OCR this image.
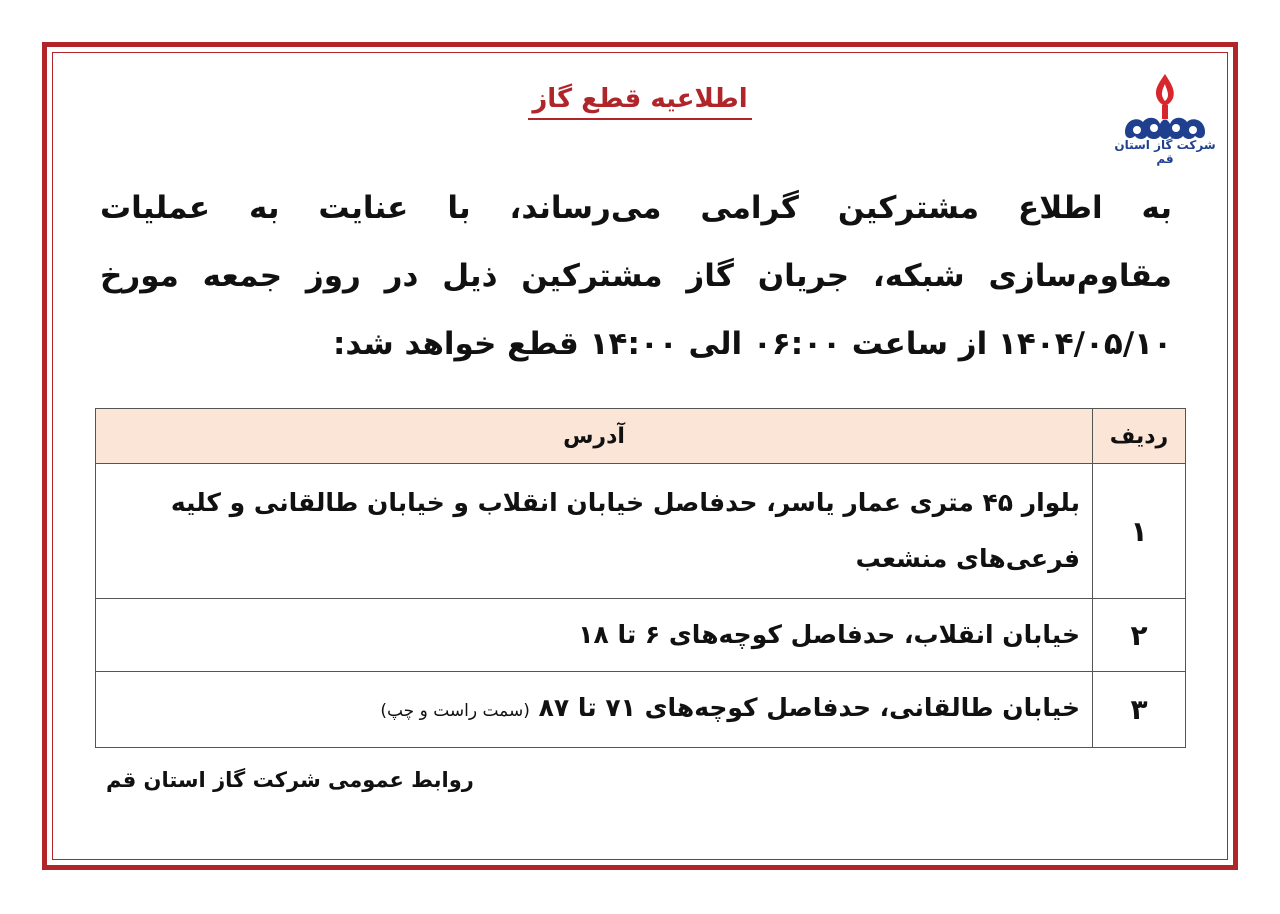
شرکت گاز استان قم
اطلاعیه قطع گاز
به اطلاع مشترکین گرامی می‌رساند، با عنایت به عملیات
مقاوم‌سازی شبکه، جریان گاز مشترکین ذیل در روز جمعه مورخ
۱۴۰۴/۰۵/۱۰ از ساعت ۰۶:۰۰ الی ۱۴:۰۰ قطع خواهد شد:
ردیف	آدرس
۱	بلوار ۴۵ متری عمار یاسر، حدفاصل خیابان انقلاب و خیابان طالقانی و کلیه فرعی‌های منشعب
۲	خیابان انقلاب، حدفاصل کوچه‌های ۶ تا ۱۸
۳	خیابان طالقانی، حدفاصل کوچه‌های ۷۱ تا ۸۷ (سمت راست و چپ)
روابط عمومی شرکت گاز استان قم
